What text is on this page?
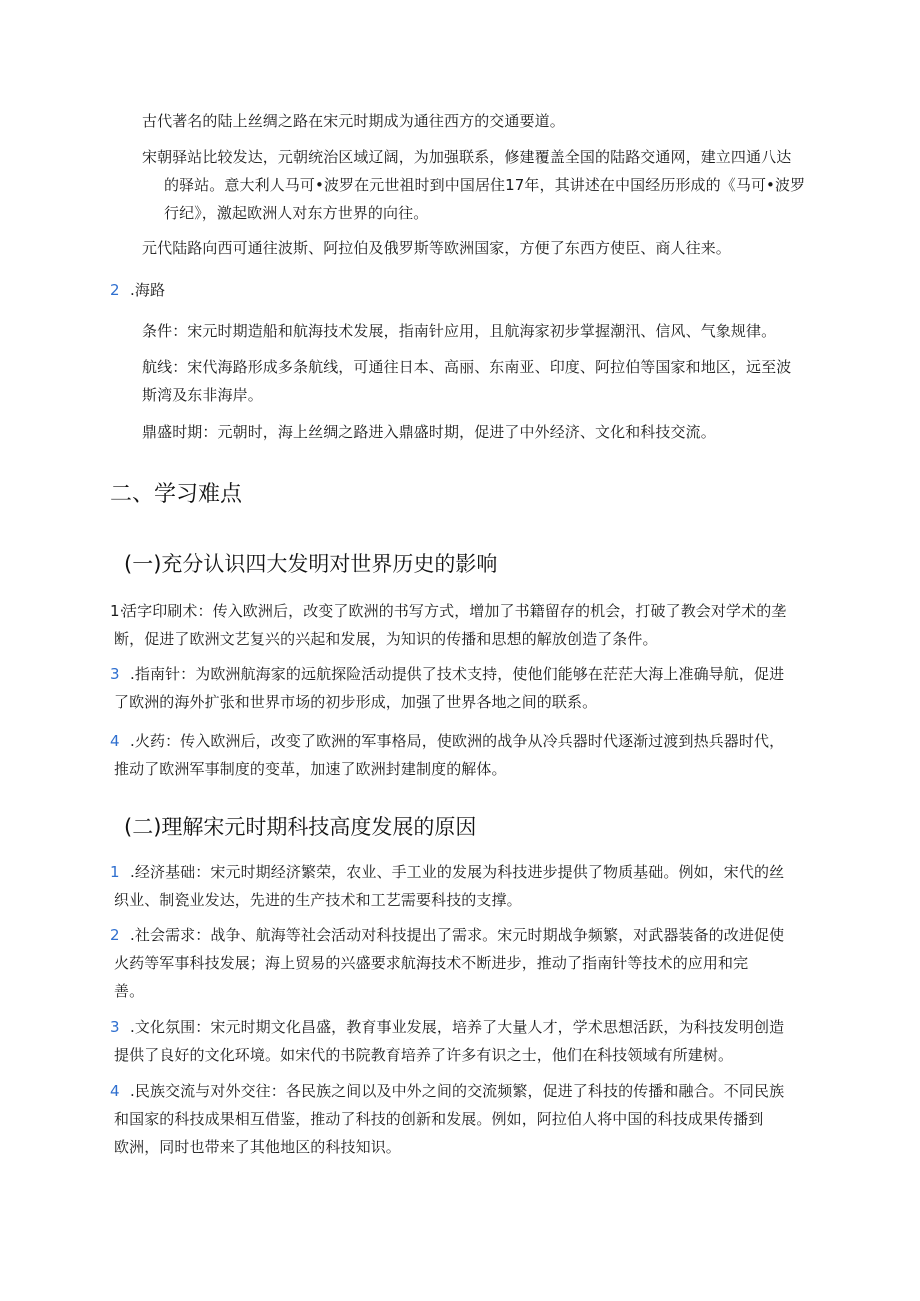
古代著名的陆上丝绸之路在宋元时期成为通往西方的交通要道。
宋朝驿站比较发达，元朝统治区域辽阔，为加强联系，修建覆盖全国的陆路交通网，建立四通八达
的驿站。意大利人马可•波罗在元世祖时到中国居住17年，其讲述在中国经历形成的《马可•波罗
行纪》，激起欧洲人对东方世界的向往。
元代陆路向西可通往波斯、阿拉伯及俄罗斯等欧洲国家，方便了东西方使臣、商人往来。
2 .海路
条件：宋元时期造船和航海技术发展，指南针应用，且航海家初步掌握潮汛、信风、气象规律。
航线：宋代海路形成多条航线，可通往日本、高丽、东南亚、印度、阿拉伯等国家和地区，远至波
斯湾及东非海岸。
鼎盛时期：元朝时，海上丝绸之路进入鼎盛时期，促进了中外经济、文化和科技交流。
二、学习难点
(一)充分认识四大发明对世界历史的影响
1·
活字印刷术：传入欧洲后，改变了欧洲的书写方式，增加了书籍留存的机会，打破了教会对学术的垄
断，促进了欧洲文艺复兴的兴起和发展，为知识的传播和思想的解放创造了条件。
3 .指南针：为欧洲航海家的远航探险活动提供了技术支持，使他们能够在茫茫大海上准确导航，促进
了欧洲的海外扩张和世界市场的初步形成，加强了世界各地之间的联系。
4 .火药：传入欧洲后，改变了欧洲的军事格局，使欧洲的战争从冷兵器时代逐渐过渡到热兵器时代，
推动了欧洲军事制度的变革，加速了欧洲封建制度的解体。
(二)理解宋元时期科技高度发展的原因
1 .经济基础：宋元时期经济繁荣，农业、手工业的发展为科技进步提供了物质基础。例如，宋代的丝
织业、制瓷业发达，先进的生产技术和工艺需要科技的支撑。
2 .社会需求：战争、航海等社会活动对科技提出了需求。宋元时期战争频繁，对武器装备的改进促使
火药等军事科技发展；海上贸易的兴盛要求航海技术不断进步，推动了指南针等技术的应用和完
善。
3 .文化氛围：宋元时期文化昌盛，教育事业发展，培养了大量人才，学术思想活跃，为科技发明创造
提供了良好的文化环境。如宋代的书院教育培养了许多有识之士，他们在科技领域有所建树。
4 .民族交流与对外交往：各民族之间以及中外之间的交流频繁，促进了科技的传播和融合。不同民族
和国家的科技成果相互借鉴，推动了科技的创新和发展。例如，阿拉伯人将中国的科技成果传播到
欧洲，同时也带来了其他地区的科技知识。
